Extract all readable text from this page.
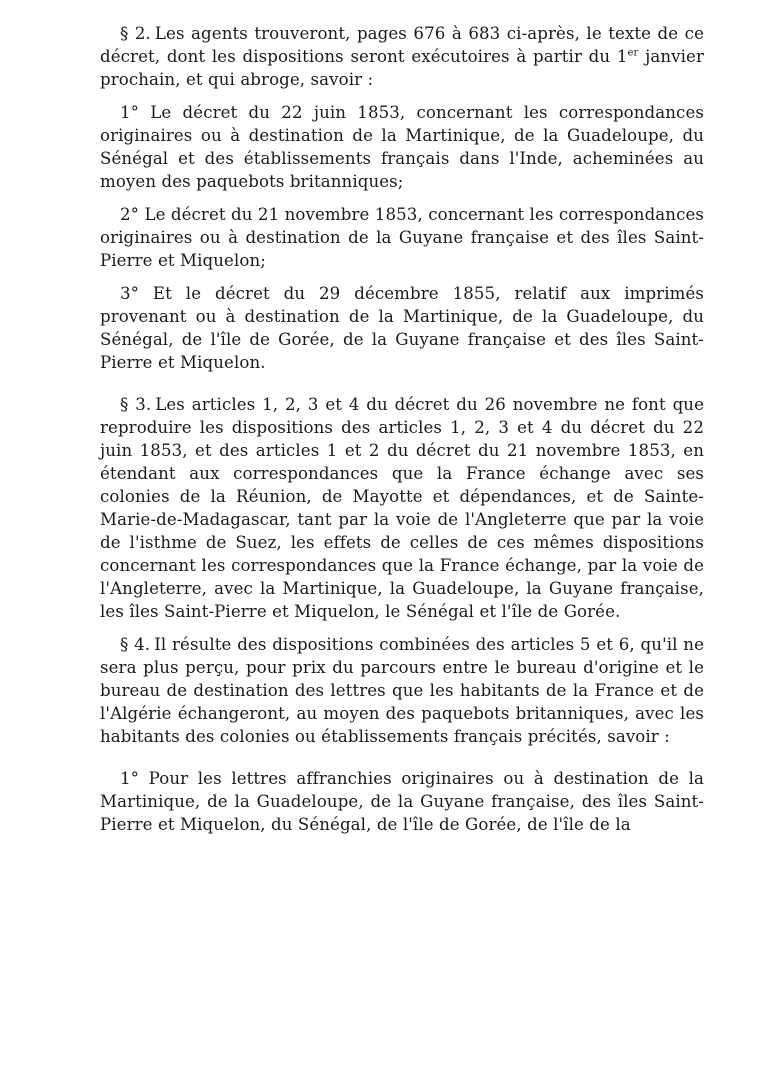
§ 2. Les agents trouveront, pages 676 à 683 ci-après, le texte de ce décret, dont les dispositions seront exécutoires à partir du 1er janvier prochain, et qui abroge, savoir :

1° Le décret du 22 juin 1853, concernant les correspondances originaires ou à destination de la Martinique, de la Guadeloupe, du Sénégal et des établissements français dans l'Inde, acheminées au moyen des paquebots britanniques;

2° Le décret du 21 novembre 1853, concernant les correspondances originaires ou à destination de la Guyane française et des îles Saint-Pierre et Miquelon;

3° Et le décret du 29 décembre 1855, relatif aux imprimés provenant ou à destination de la Martinique, de la Guadeloupe, du Sénégal, de l'île de Gorée, de la Guyane française et des îles Saint-Pierre et Miquelon.

§ 3. Les articles 1, 2, 3 et 4 du décret du 26 novembre ne font que reproduire les dispositions des articles 1, 2, 3 et 4 du décret du 22 juin 1853, et des articles 1 et 2 du décret du 21 novembre 1853, en étendant aux correspondances que la France échange avec ses colonies de la Réunion, de Mayotte et dépendances, et de Sainte-Marie-de-Madagascar, tant par la voie de l'Angleterre que par la voie de l'isthme de Suez, les effets de celles de ces mêmes dispositions concernant les correspondances que la France échange, par la voie de l'Angleterre, avec la Martinique, la Guadeloupe, la Guyane française, les îles Saint-Pierre et Miquelon, le Sénégal et l'île de Gorée.

§ 4. Il résulte des dispositions combinées des articles 5 et 6, qu'il ne sera plus perçu, pour prix du parcours entre le bureau d'origine et le bureau de destination des lettres que les habitants de la France et de l'Algérie échangeront, au moyen des paquebots britanniques, avec les habitants des colonies ou établissements français précités, savoir :

1° Pour les lettres affranchies originaires ou à destination de la Martinique, de la Guadeloupe, de la Guyane française, des îles Saint-Pierre et Miquelon, du Sénégal, de l'île de Gorée, de l'île de la
